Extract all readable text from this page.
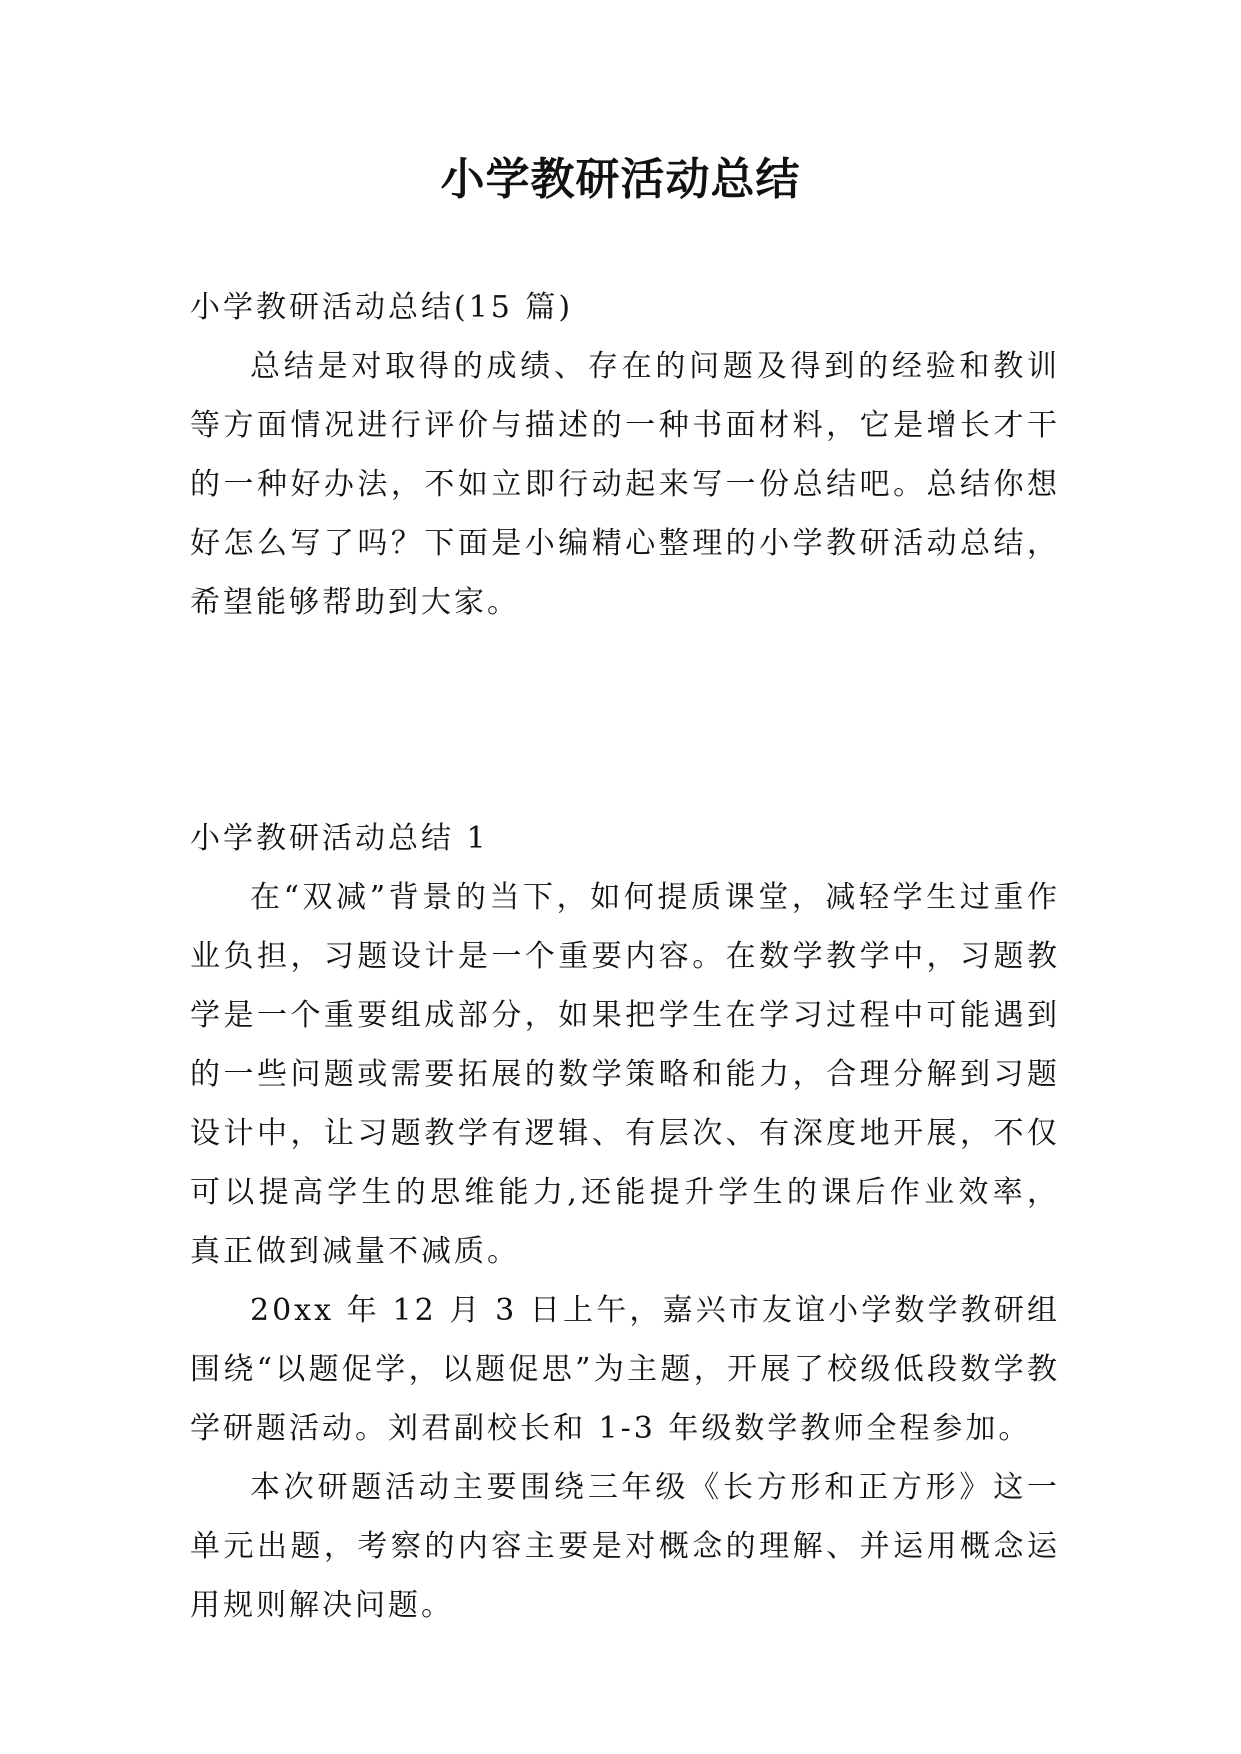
小学教研活动总结

小学教研活动总结(15 篇)

总结是对取得的成绩、存在的问题及得到的经验和教训等方面情况进行评价与描述的一种书面材料，它是增长才干的一种好办法，不如立即行动起来写一份总结吧。总结你想好怎么写了吗？下面是小编精心整理的小学教研活动总结，希望能够帮助到大家。

小学教研活动总结 1

在“双减”背景的当下，如何提质课堂，减轻学生过重作业负担，习题设计是一个重要内容。在数学教学中，习题教学是一个重要组成部分，如果把学生在学习过程中可能遇到的一些问题或需要拓展的数学策略和能力，合理分解到习题设计中，让习题教学有逻辑、有层次、有深度地开展，不仅可以提高学生的思维能力,还能提升学生的课后作业效率，真正做到减量不减质。

20xx 年 12 月 3 日上午，嘉兴市友谊小学数学教研组围绕“以题促学，以题促思”为主题，开展了校级低段数学教学研题活动。刘君副校长和 1-3 年级数学教师全程参加。

本次研题活动主要围绕三年级《长方形和正方形》这一单元出题，考察的内容主要是对概念的理解、并运用概念运用规则解决问题。
